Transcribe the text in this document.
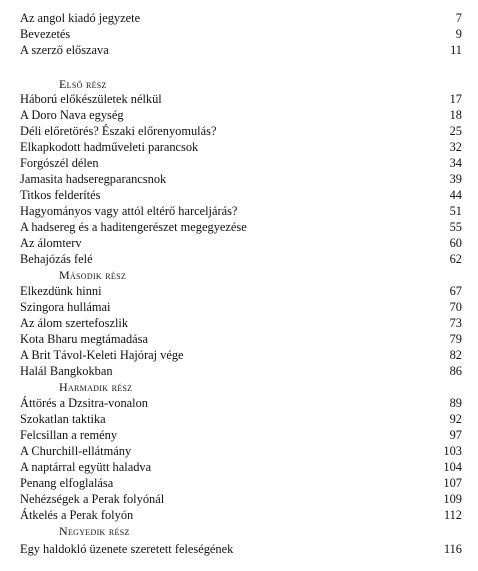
Az angol kiadó jegyzete	7
Bevezetés	9
A szerző előszava	11
Első rész
Háború előkészületek nélkül	17
A Doro Nava egység	18
Déli előretörés? Északi előrenyomulás?	25
Elkapkodott hadműveleti parancsok	32
Forgószél délen	34
Jamasita hadseregparancsnok	39
Titkos felderítés	44
Hagyományos vagy attól eltérő harceljárás?	51
A hadsereg és a haditengerészet megegyezése	55
Az álomterv	60
Behajózás felé	62
Második rész
Elkezdünk hinni	67
Szingora hullámai	70
Az álom szertefoszlik	73
Kota Bharu megtámadása	79
A Brit Távol-Keleti Hajóraj vége	82
Halál Bangkokban	86
Harmadik rész
Áttörés a Dzsitra-vonalon	89
Szokatlan taktika	92
Felcsillan a remény	97
A Churchill-ellátmány	103
A naptárral együtt haladva	104
Penang elfoglalása	107
Nehézségek a Perak folyónál	109
Átkelés a Perak folyón	112
Negyedik rész
Egy haldokló üzenete szeretett feleségének	116
